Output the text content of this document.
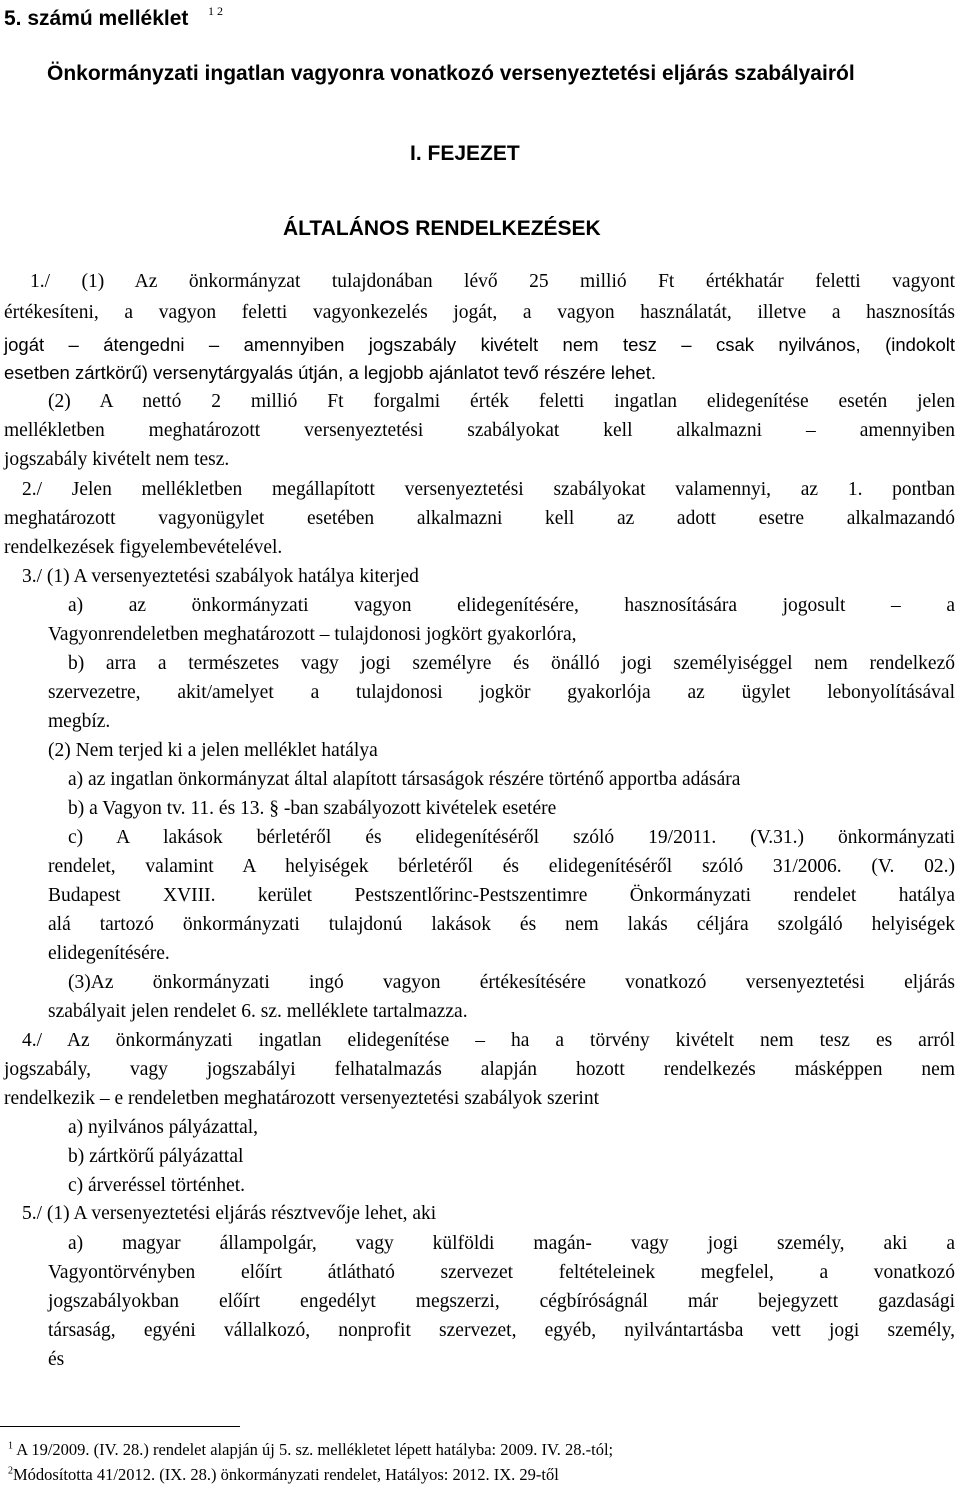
5. számú melléklet 1 2
Önkormányzati ingatlan vagyonra vonatkozó versenyeztetési eljárás szabályairól
I. FEJEZET
ÁLTALÁNOS RENDELKEZÉSEK
1./ (1) Az önkormányzat tulajdonában lévő 25 millió Ft értékhatár feletti vagyont
értékesíteni, a vagyon feletti vagyonkezelés jogát, a vagyon használatát, illetve a hasznosítás
jogát – átengedni – amennyiben jogszabály kivételt nem tesz – csak nyilvános, (indokolt
esetben zártkörű) versenytárgyalás útján, a legjobb ajánlatot tevő részére lehet.
(2) A nettó 2 millió Ft forgalmi érték feletti ingatlan elidegenítése esetén jelen
mellékletben meghatározott versenyeztetési szabályokat kell alkalmazni – amennyiben
jogszabály kivételt nem tesz.
2./ Jelen mellékletben megállapított versenyeztetési szabályokat valamennyi, az 1. pontban
meghatározott vagyonügylet esetében alkalmazni kell az adott esetre alkalmazandó
rendelkezések figyelembevételével.
3./ (1) A versenyeztetési szabályok hatálya kiterjed
a) az önkormányzati vagyon elidegenítésére, hasznosítására jogosult – a
Vagyonrendeletben meghatározott – tulajdonosi jogkört gyakorlóra,
b) arra a természetes vagy jogi személyre és önálló jogi személyiséggel nem rendelkező
szervezetre, akit/amelyet a tulajdonosi jogkör gyakorlója az ügylet lebonyolításával
megbíz.
(2) Nem terjed ki a jelen melléklet hatálya
a) az ingatlan önkormányzat által alapított társaságok részére történő apportba adására
b) a Vagyon tv. 11. és 13. § -ban szabályozott kivételek esetére
c) A lakások bérletéről és elidegenítéséről szóló 19/2011. (V.31.) önkormányzati
rendelet, valamint A helyiségek bérletéről és elidegenítéséről szóló 31/2006. (V. 02.)
Budapest XVIII. kerület Pestszentlőrinc-Pestszentimre Önkormányzati rendelet hatálya
alá tartozó önkormányzati tulajdonú lakások és nem lakás céljára szolgáló helyiségek
elidegenítésére.
(3)Az önkormányzati ingó vagyon értékesítésére vonatkozó versenyeztetési eljárás
szabályait jelen rendelet 6. sz. melléklete tartalmazza.
4./ Az önkormányzati ingatlan elidegenítése – ha a törvény kivételt nem tesz es arról
jogszabály, vagy jogszabályi felhatalmazás alapján hozott rendelkezés másképpen nem
rendelkezik – e rendeletben meghatározott versenyeztetési szabályok szerint
a) nyilvános pályázattal,
b) zártkörű pályázattal
c) árveréssel történhet.
5./ (1) A versenyeztetési eljárás résztvevője lehet, aki
a) magyar állampolgár, vagy külföldi magán- vagy jogi személy, aki a
Vagyontörvényben előírt átlátható szervezet feltételeinek megfelel, a vonatkozó
jogszabályokban előírt engedélyt megszerzi, cégbíróságnál már bejegyzett gazdasági
társaság, egyéni vállalkozó, nonprofit szervezet, egyéb, nyilvántartásba vett jogi személy,
és
$^1$ A 19/2009. (IV. 28.) rendelet alapján új 5. sz. mellékletet lépett hatályba: 2009. IV. 28.-tól;
$^2$Módosította 41/2012. (IX. 28.) önkormányzati rendelet, Hatályos: 2012. IX. 29-től
